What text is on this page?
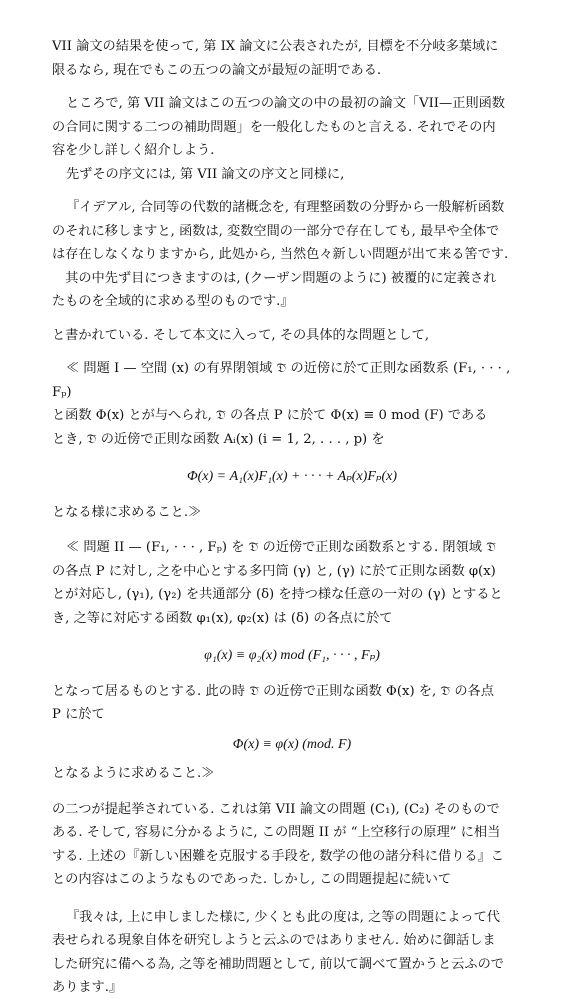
VII 論文の結果を使って, 第 IX 論文に公表されたが, 目標を不分岐多葉域に
限るなら, 現在でもこの五つの論文が最短の証明である.

ところで, 第 VII 論文はこの五つの論文の中の最初の論文「VII—正則函数
の合同に関する二つの補助問題」を一般化したものと言える. それでその内
容を少し詳しく紹介しよう.

先ずその序文には, 第 VII 論文の序文と同様に,

『イデアル, 合同等の代数的諸概念を, 有理整函数の分野から一般解析函数
のそれに移しますと, 函数は, 変数空間の一部分で存在しても, 最早や全体で
は存在しなくなりますから, 此処から, 当然色々新しい問題が出て来る筈です.
　其の中先ず目につきますのは, (クーザン問題のように) 被覆的に定義され
たものを全域的に求める型のものです.』

と書かれている. そして本文に入って, その具体的な問題として,

≪ 問題 I — 空間 (x) の有界閉領域 𝔇̄ の近傍に於て正則な函数系 (F₁, · · · , Fₚ)
と函数 Φ(x) とが与へられ, 𝔇̄ の各点 P に於て Φ(x) ≡ 0 mod (F) である
とき, 𝔇̄ の近傍で正則な函数 Aᵢ(x) (i = 1, 2, . . . , p) を

Φ(x) = A₁(x)F₁(x) + · · · + Aₚ(x)Fₚ(x)

となる様に求めること.≫

≪ 問題 II — (F₁, · · · , Fₚ) を 𝔇̄ の近傍で正則な函数系とする. 閉領域 𝔇̄
の各点 P に対し, 之を中心とする多円筒 (γ) と, (γ) に於て正則な函数 φ(x)
とが対応し, (γ₁), (γ₂) を共通部分 (δ) を持つ様な任意の一対の (γ) とすると
き, 之等に対応する函数 φ₁(x), φ₂(x) は (δ) の各点に於て

φ₁(x) ≡ φ₂(x) mod (F₁, · · · , Fₚ)

となって居るものとする. 此の時 𝔇̄ の近傍で正則な函数 Φ(x) を, 𝔇̄ の各点
P に於て

Φ(x) ≡ φ(x) (mod. F)

となるように求めること.≫

の二つが提起挙されている. これは第 VII 論文の問題 (C₁), (C₂) そのもので
ある. そして, 容易に分かるように, この問題 II が “上空移行の原理” に相当
する. 上述の『新しい困難を克服する手段を, 数学の他の諸分科に借りる』こ
との内容はこのようなものであった. しかし, この問題提起に続いて

『我々は, 上に申しました様に, 少くとも此の度は, 之等の問題によって代
表せられる現象自体を研究しようと云ふのではありません. 始めに御話しま
した研究に備へる為, 之等を補助問題として, 前以て調べて置かうと云ふので
あります.』
